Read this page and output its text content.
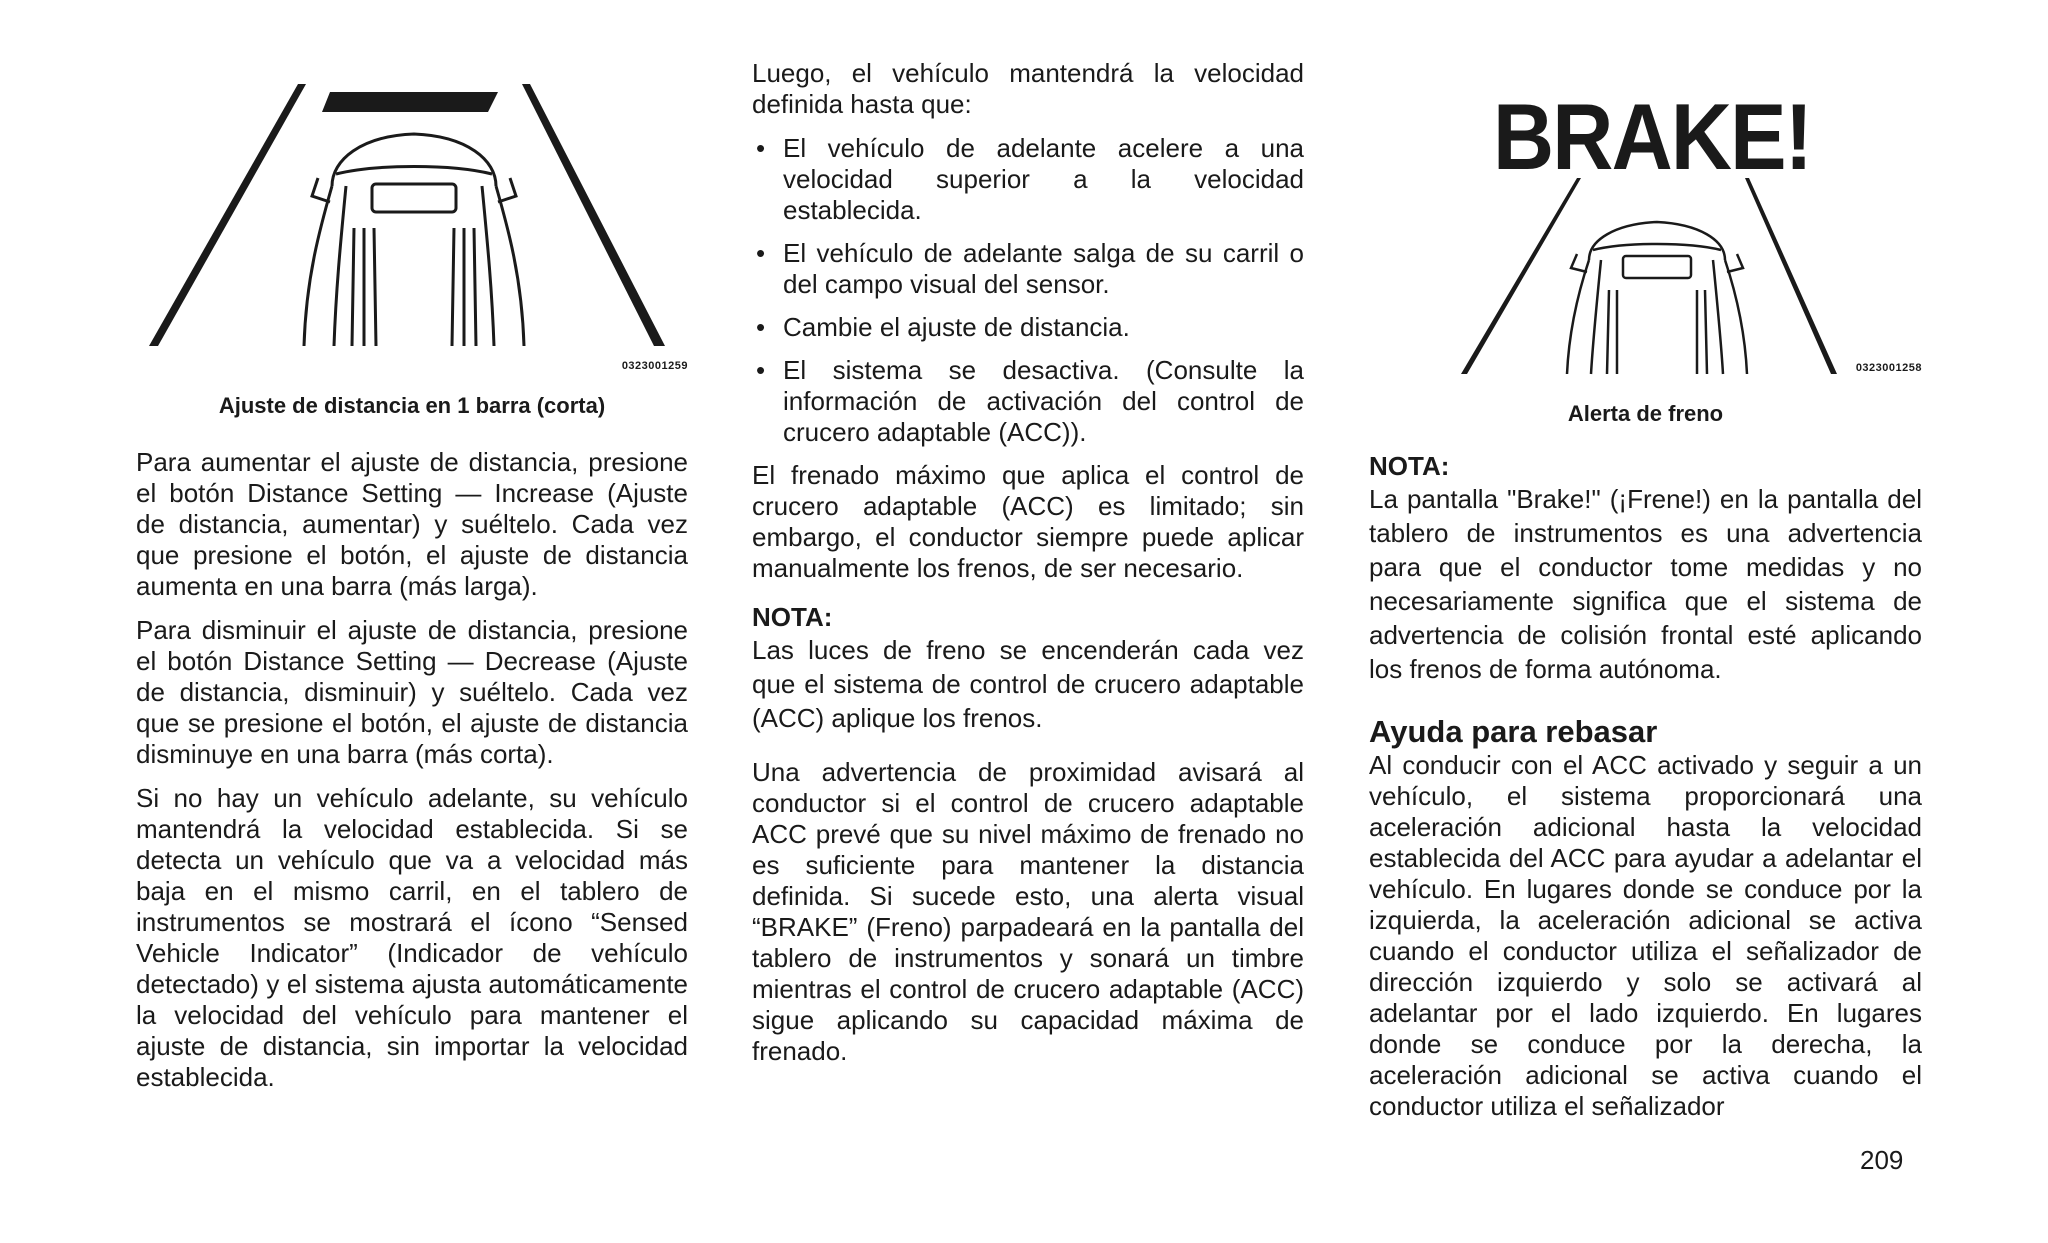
0323001259

Ajuste de distancia en 1 barra (corta)

Para aumentar el ajuste de distancia, presione el botón Distance Setting — Increase (Ajuste de distancia, aumentar) y suéltelo. Cada vez que presione el botón, el ajuste de distancia aumenta en una barra (más larga).

Para disminuir el ajuste de distancia, presione el botón Distance Setting — Decrease (Ajuste de distancia, disminuir) y suéltelo. Cada vez que se presione el botón, el ajuste de distancia disminuye en una barra (más corta).

Si no hay un vehículo adelante, su vehículo mantendrá la velocidad establecida. Si se detecta un vehículo que va a velocidad más baja en el mismo carril, en el tablero de instrumentos se mostrará el ícono “Sensed Vehicle Indicator” (Indicador de vehículo detectado) y el sistema ajusta automáticamente la velocidad del vehículo para mantener el ajuste de distancia, sin importar la velocidad establecida.

Luego, el vehículo mantendrá la velocidad definida hasta que:

• El vehículo de adelante acelere a una velocidad superior a la velocidad establecida.
• El vehículo de adelante salga de su carril o del campo visual del sensor.
• Cambie el ajuste de distancia.
• El sistema se desactiva. (Consulte la información de activación del control de crucero adaptable (ACC)).

El frenado máximo que aplica el control de crucero adaptable (ACC) es limitado; sin embargo, el conductor siempre puede aplicar manualmente los frenos, de ser necesario.

NOTA:

Las luces de freno se encenderán cada vez que el sistema de control de crucero adaptable (ACC) aplique los frenos.

Una advertencia de proximidad avisará al conductor si el control de crucero adaptable ACC prevé que su nivel máximo de frenado no es suficiente para mantener la distancia definida. Si sucede esto, una alerta visual “BRAKE” (Freno) parpadeará en la pantalla del tablero de instrumentos y sonará un timbre mientras el control de crucero adaptable (ACC) sigue aplicando su capacidad máxima de frenado.

BRAKE!
0323001258

Alerta de freno

NOTA:

La pantalla "Brake!" (¡Frene!) en la pantalla del tablero de instrumentos es una advertencia para que el conductor tome medidas y no necesariamente significa que el sistema de advertencia de colisión frontal esté aplicando los frenos de forma autónoma.

Ayuda para rebasar

Al conducir con el ACC activado y seguir a un vehículo, el sistema proporcionará una aceleración adicional hasta la velocidad establecida del ACC para ayudar a adelantar el vehículo. En lugares donde se conduce por la izquierda, la aceleración adicional se activa cuando el conductor utiliza el señalizador de dirección izquierdo y solo se activará al adelantar por el lado izquierdo. En lugares donde se conduce por la derecha, la aceleración adicional se activa cuando el conductor utiliza el señalizador

209
